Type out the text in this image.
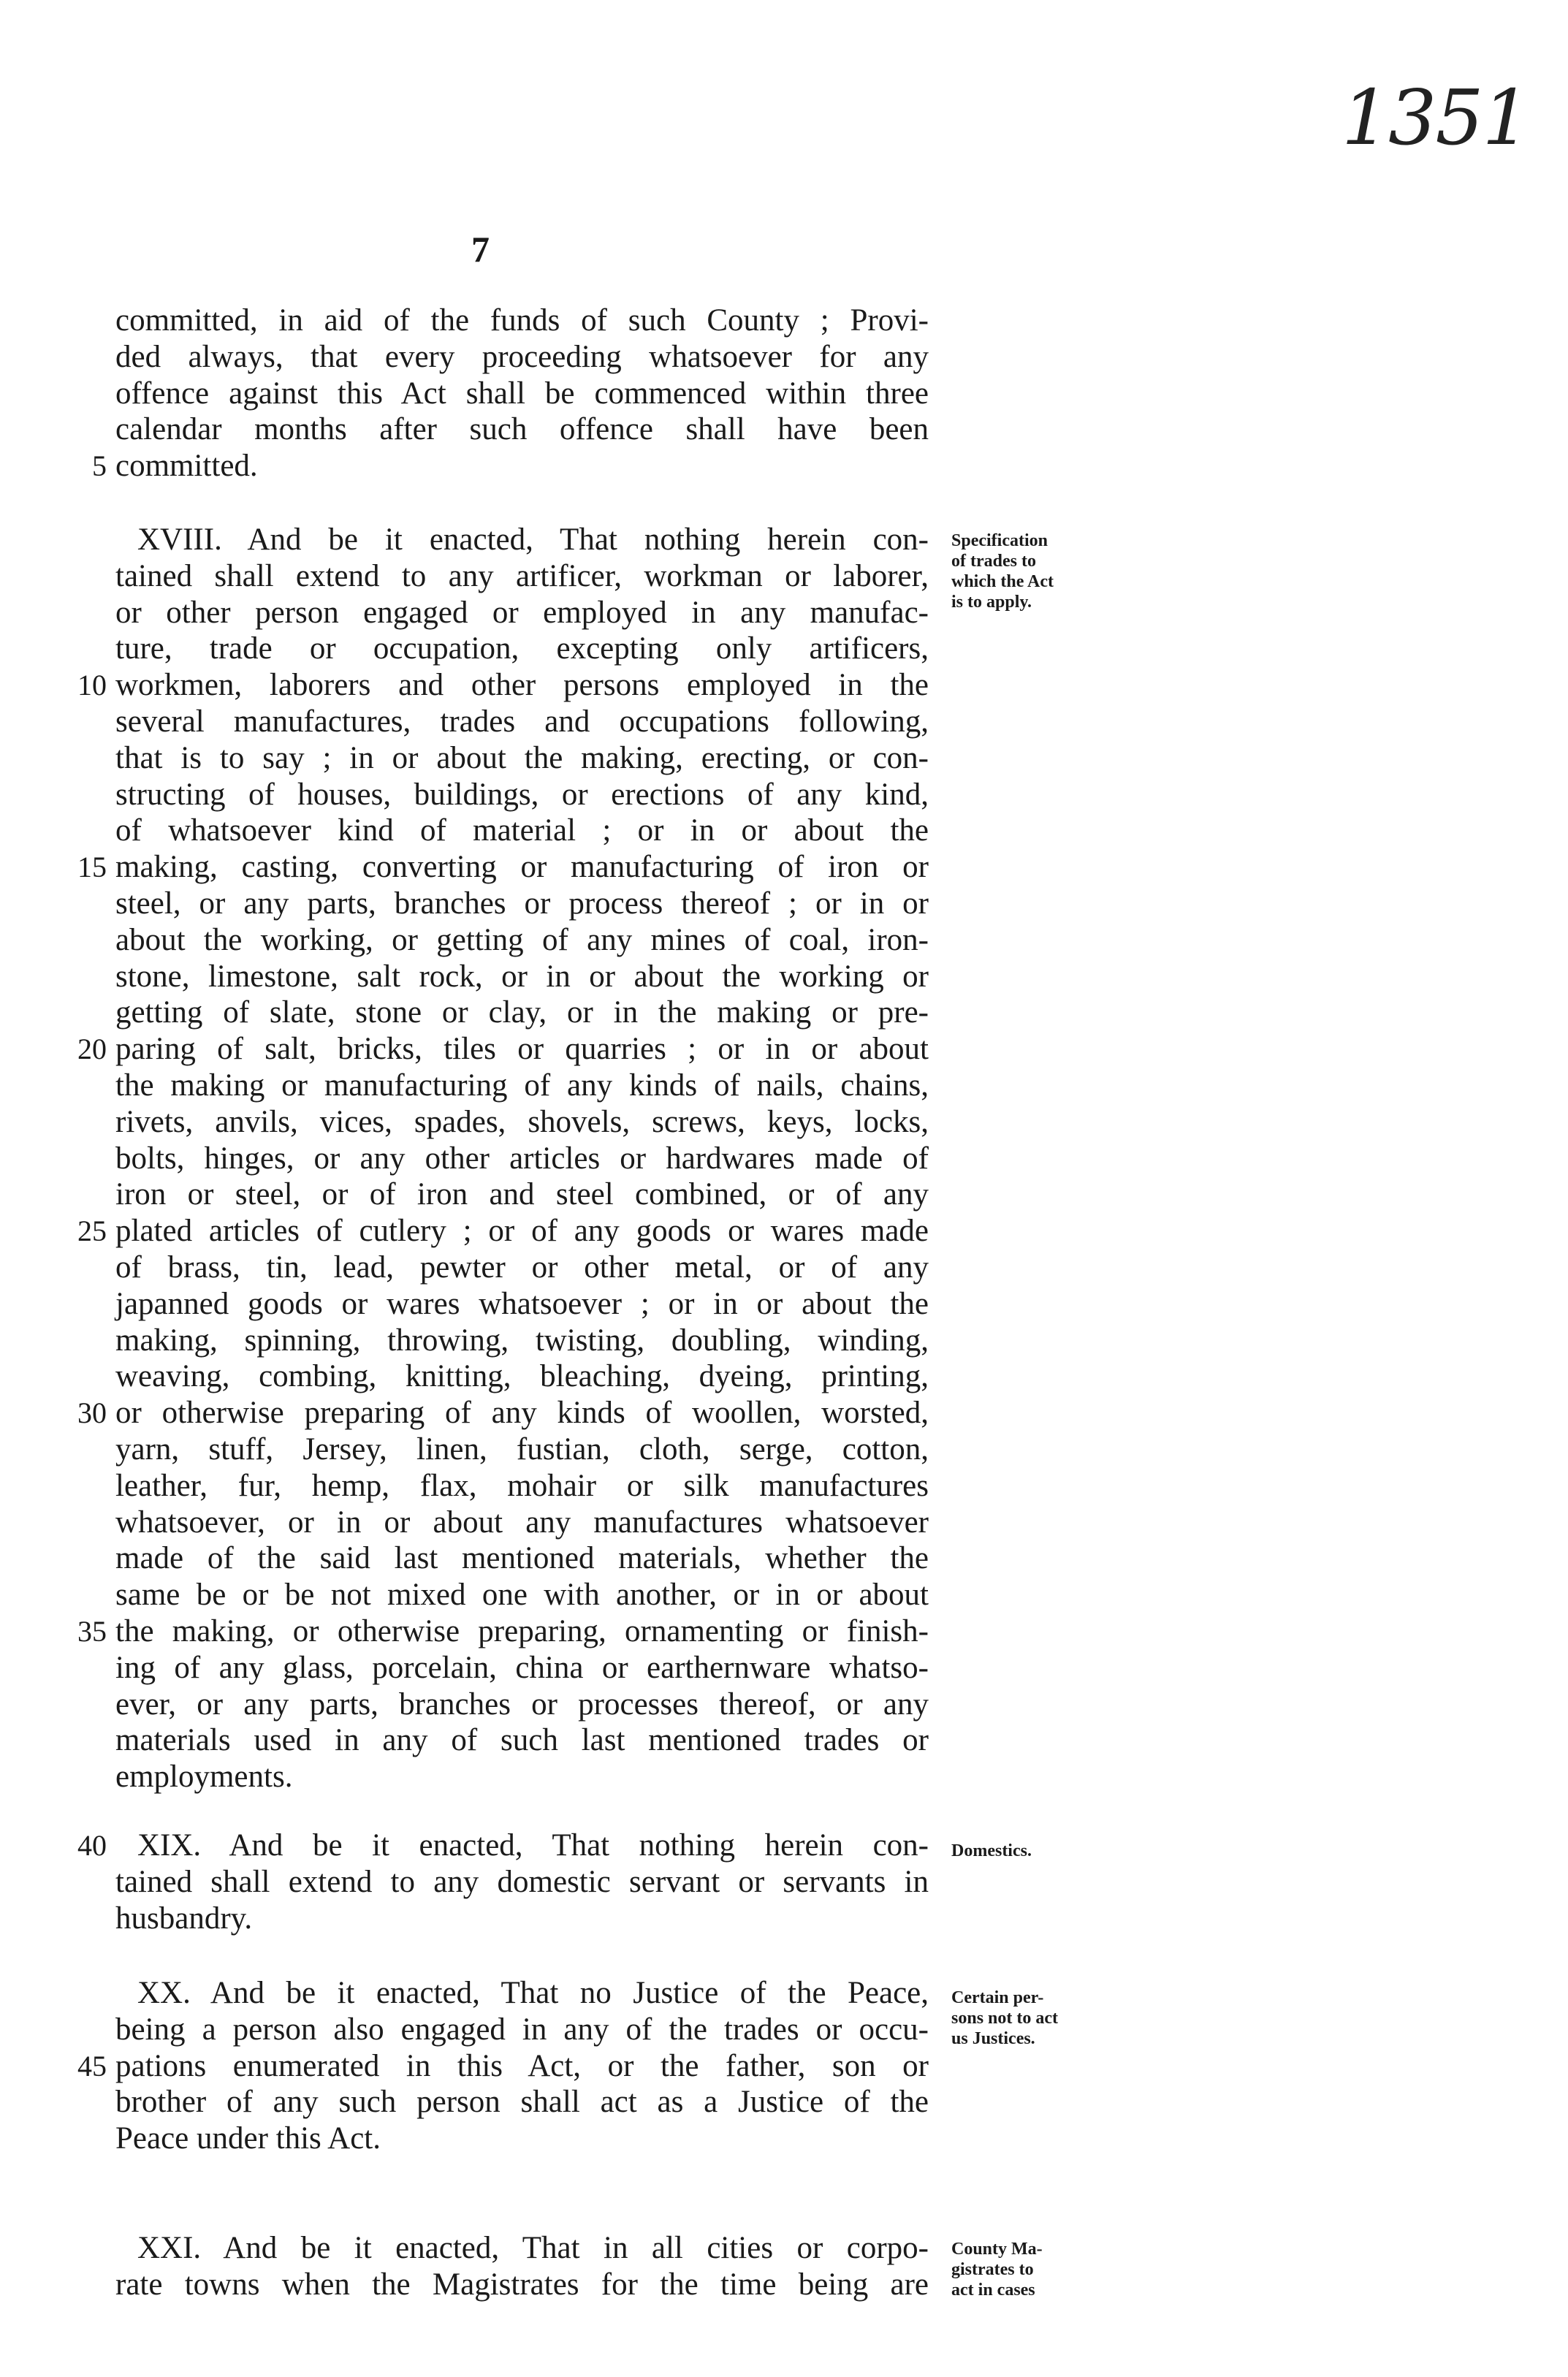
1351
7
committed, in aid of the funds of such County ; Provi-
ded always, that every proceeding whatsoever for any
offence against this Act shall be commenced within three
calendar months after such offence shall have been
5 committed.
XVIII. And be it enacted, That nothing herein con-
tained shall extend to any artificer, workman or laborer,
or other person engaged or employed in any manufac-
ture, trade or occupation, excepting only artificers,
10 workmen, laborers and other persons employed in the
several manufactures, trades and occupations following,
that is to say ; in or about the making, erecting, or con-
structing of houses, buildings, or erections of any kind,
of whatsoever kind of material ; or in or about the
15 making, casting, converting or manufacturing of iron or
steel, or any parts, branches or process thereof ; or in or
about the working, or getting of any mines of coal, iron-
stone, limestone, salt rock, or in or about the working or
getting of slate, stone or clay, or in the making or pre-
20 paring of salt, bricks, tiles or quarries ; or in or about
the making or manufacturing of any kinds of nails, chains,
rivets, anvils, vices, spades, shovels, screws, keys, locks,
bolts, hinges, or any other articles or hardwares made of
iron or steel, or of iron and steel combined, or of any
25 plated articles of cutlery ; or of any goods or wares made
of brass, tin, lead, pewter or other metal, or of any
japanned goods or wares whatsoever ; or in or about the
making, spinning, throwing, twisting, doubling, winding,
weaving, combing, knitting, bleaching, dyeing, printing,
30 or otherwise preparing of any kinds of woollen, worsted,
yarn, stuff, Jersey, linen, fustian, cloth, serge, cotton,
leather, fur, hemp, flax, mohair or silk manufactures
whatsoever, or in or about any manufactures whatsoever
made of the said last mentioned materials, whether the
same be or be not mixed one with another, or in or about
35 the making, or otherwise preparing, ornamenting or finish-
ing of any glass, porcelain, china or earthernware whatso-
ever, or any parts, branches or processes thereof, or any
materials used in any of such last mentioned trades or
employments.
40 XIX. And be it enacted, That nothing herein con-
tained shall extend to any domestic servant or servants in
husbandry.
XX. And be it enacted, That no Justice of the Peace,
being a person also engaged in any of the trades or occu-
45 pations enumerated in this Act, or the father, son or
brother of any such person shall act as a Justice of the
Peace under this Act.
XXI. And be it enacted, That in all cities or corpo-
rate towns when the Magistrates for the time being are
Specification
of trades to
which the Act
is to apply.
Domestics.
Certain per-
sons not to act
us Justices.
County Ma-
gistrates to
act in cases
